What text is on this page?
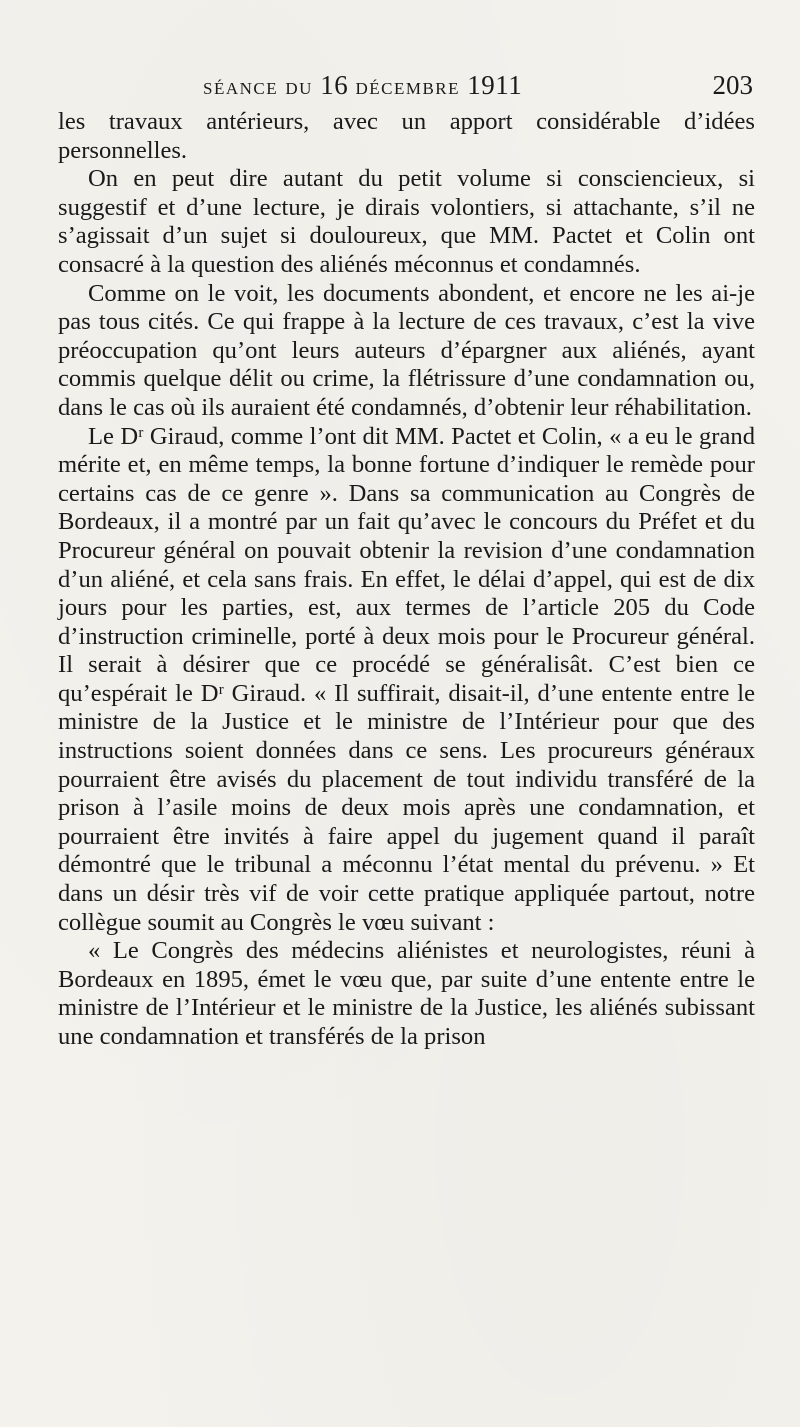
SÉANCE DU 16 DÉCEMBRE 1911	203

les travaux antérieurs, avec un apport considérable d’idées personnelles.

On en peut dire autant du petit volume si consciencieux, si suggestif et d’une lecture, je dirais volontiers, si attachante, s’il ne s’agissait d’un sujet si douloureux, que MM. Pactet et Colin ont consacré à la question des aliénés méconnus et condamnés.

Comme on le voit, les documents abondent, et encore ne les ai-je pas tous cités. Ce qui frappe à la lecture de ces travaux, c’est la vive préoccupation qu’ont leurs auteurs d’épargner aux aliénés, ayant commis quelque délit ou crime, la flétrissure d’une condamnation ou, dans le cas où ils auraient été condamnés, d’obtenir leur réhabilitation.

Le Dʳ Giraud, comme l’ont dit MM. Pactet et Colin, « a eu le grand mérite et, en même temps, la bonne fortune d’indiquer le remède pour certains cas de ce genre ». Dans sa communication au Congrès de Bordeaux, il a montré par un fait qu’avec le concours du Préfet et du Procureur général on pouvait obtenir la revision d’une condamnation d’un aliéné, et cela sans frais. En effet, le délai d’appel, qui est de dix jours pour les parties, est, aux termes de l’article 205 du Code d’instruction criminelle, porté à deux mois pour le Procureur général. Il serait à désirer que ce procédé se généralisât. C’est bien ce qu’espérait le Dʳ Giraud. « Il suffirait, disait-il, d’une entente entre le ministre de la Justice et le ministre de l’Intérieur pour que des instructions soient données dans ce sens. Les procureurs généraux pourraient être avisés du placement de tout individu transféré de la prison à l’asile moins de deux mois après une condamnation, et pourraient être invités à faire appel du jugement quand il paraît démontré que le tribunal a méconnu l’état mental du prévenu. » Et dans un désir très vif de voir cette pratique appliquée partout, notre collègue soumit au Congrès le vœu suivant :

« Le Congrès des médecins aliénistes et neurologistes, réuni à Bordeaux en 1895, émet le vœu que, par suite d’une entente entre le ministre de l’Intérieur et le ministre de la Justice, les aliénés subissant une condamnation et transférés de la prison
